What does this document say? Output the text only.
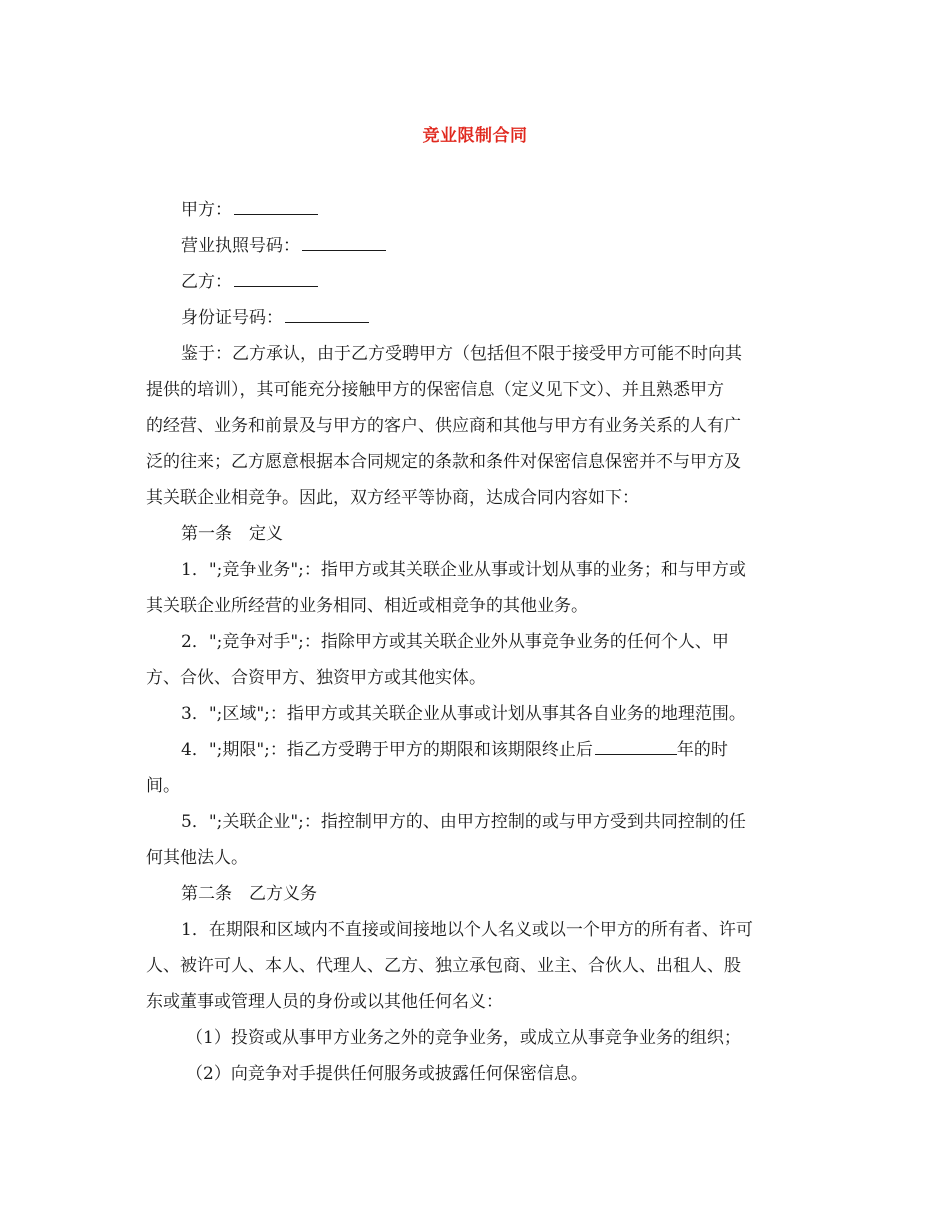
竞业限制合同

甲方：

营业执照号码：

乙方：

身份证号码：

鉴于：乙方承认，由于乙方受聘甲方（包括但不限于接受甲方可能不时向其
提供的培训），其可能充分接触甲方的保密信息（定义见下文）、并且熟悉甲方
的经营、业务和前景及与甲方的客户、供应商和其他与甲方有业务关系的人有广
泛的往来；乙方愿意根据本合同规定的条款和条件对保密信息保密并不与甲方及
其关联企业相竞争。因此，双方经平等协商，达成合同内容如下：

第一条　定义

1．";竞争业务";：指甲方或其关联企业从事或计划从事的业务；和与甲方或
其关联企业所经营的业务相同、相近或相竞争的其他业务。
2．";竞争对手";：指除甲方或其关联企业外从事竞争业务的任何个人、甲
方、合伙、合资甲方、独资甲方或其他实体。
3．";区域";：指甲方或其关联企业从事或计划从事其各自业务的地理范围。
4．";期限";：指乙方受聘于甲方的期限和该期限终止后	年的时
间。
5．";关联企业";：指控制甲方的、由甲方控制的或与甲方受到共同控制的任
何其他法人。

第二条　乙方义务

1．在期限和区域内不直接或间接地以个人名义或以一个甲方的所有者、许可
人、被许可人、本人、代理人、乙方、独立承包商、业主、合伙人、出租人、股
东或董事或管理人员的身份或以其他任何名义：

（1）投资或从事甲方业务之外的竞争业务，或成立从事竞争业务的组织；

（2）向竞争对手提供任何服务或披露任何保密信息。
